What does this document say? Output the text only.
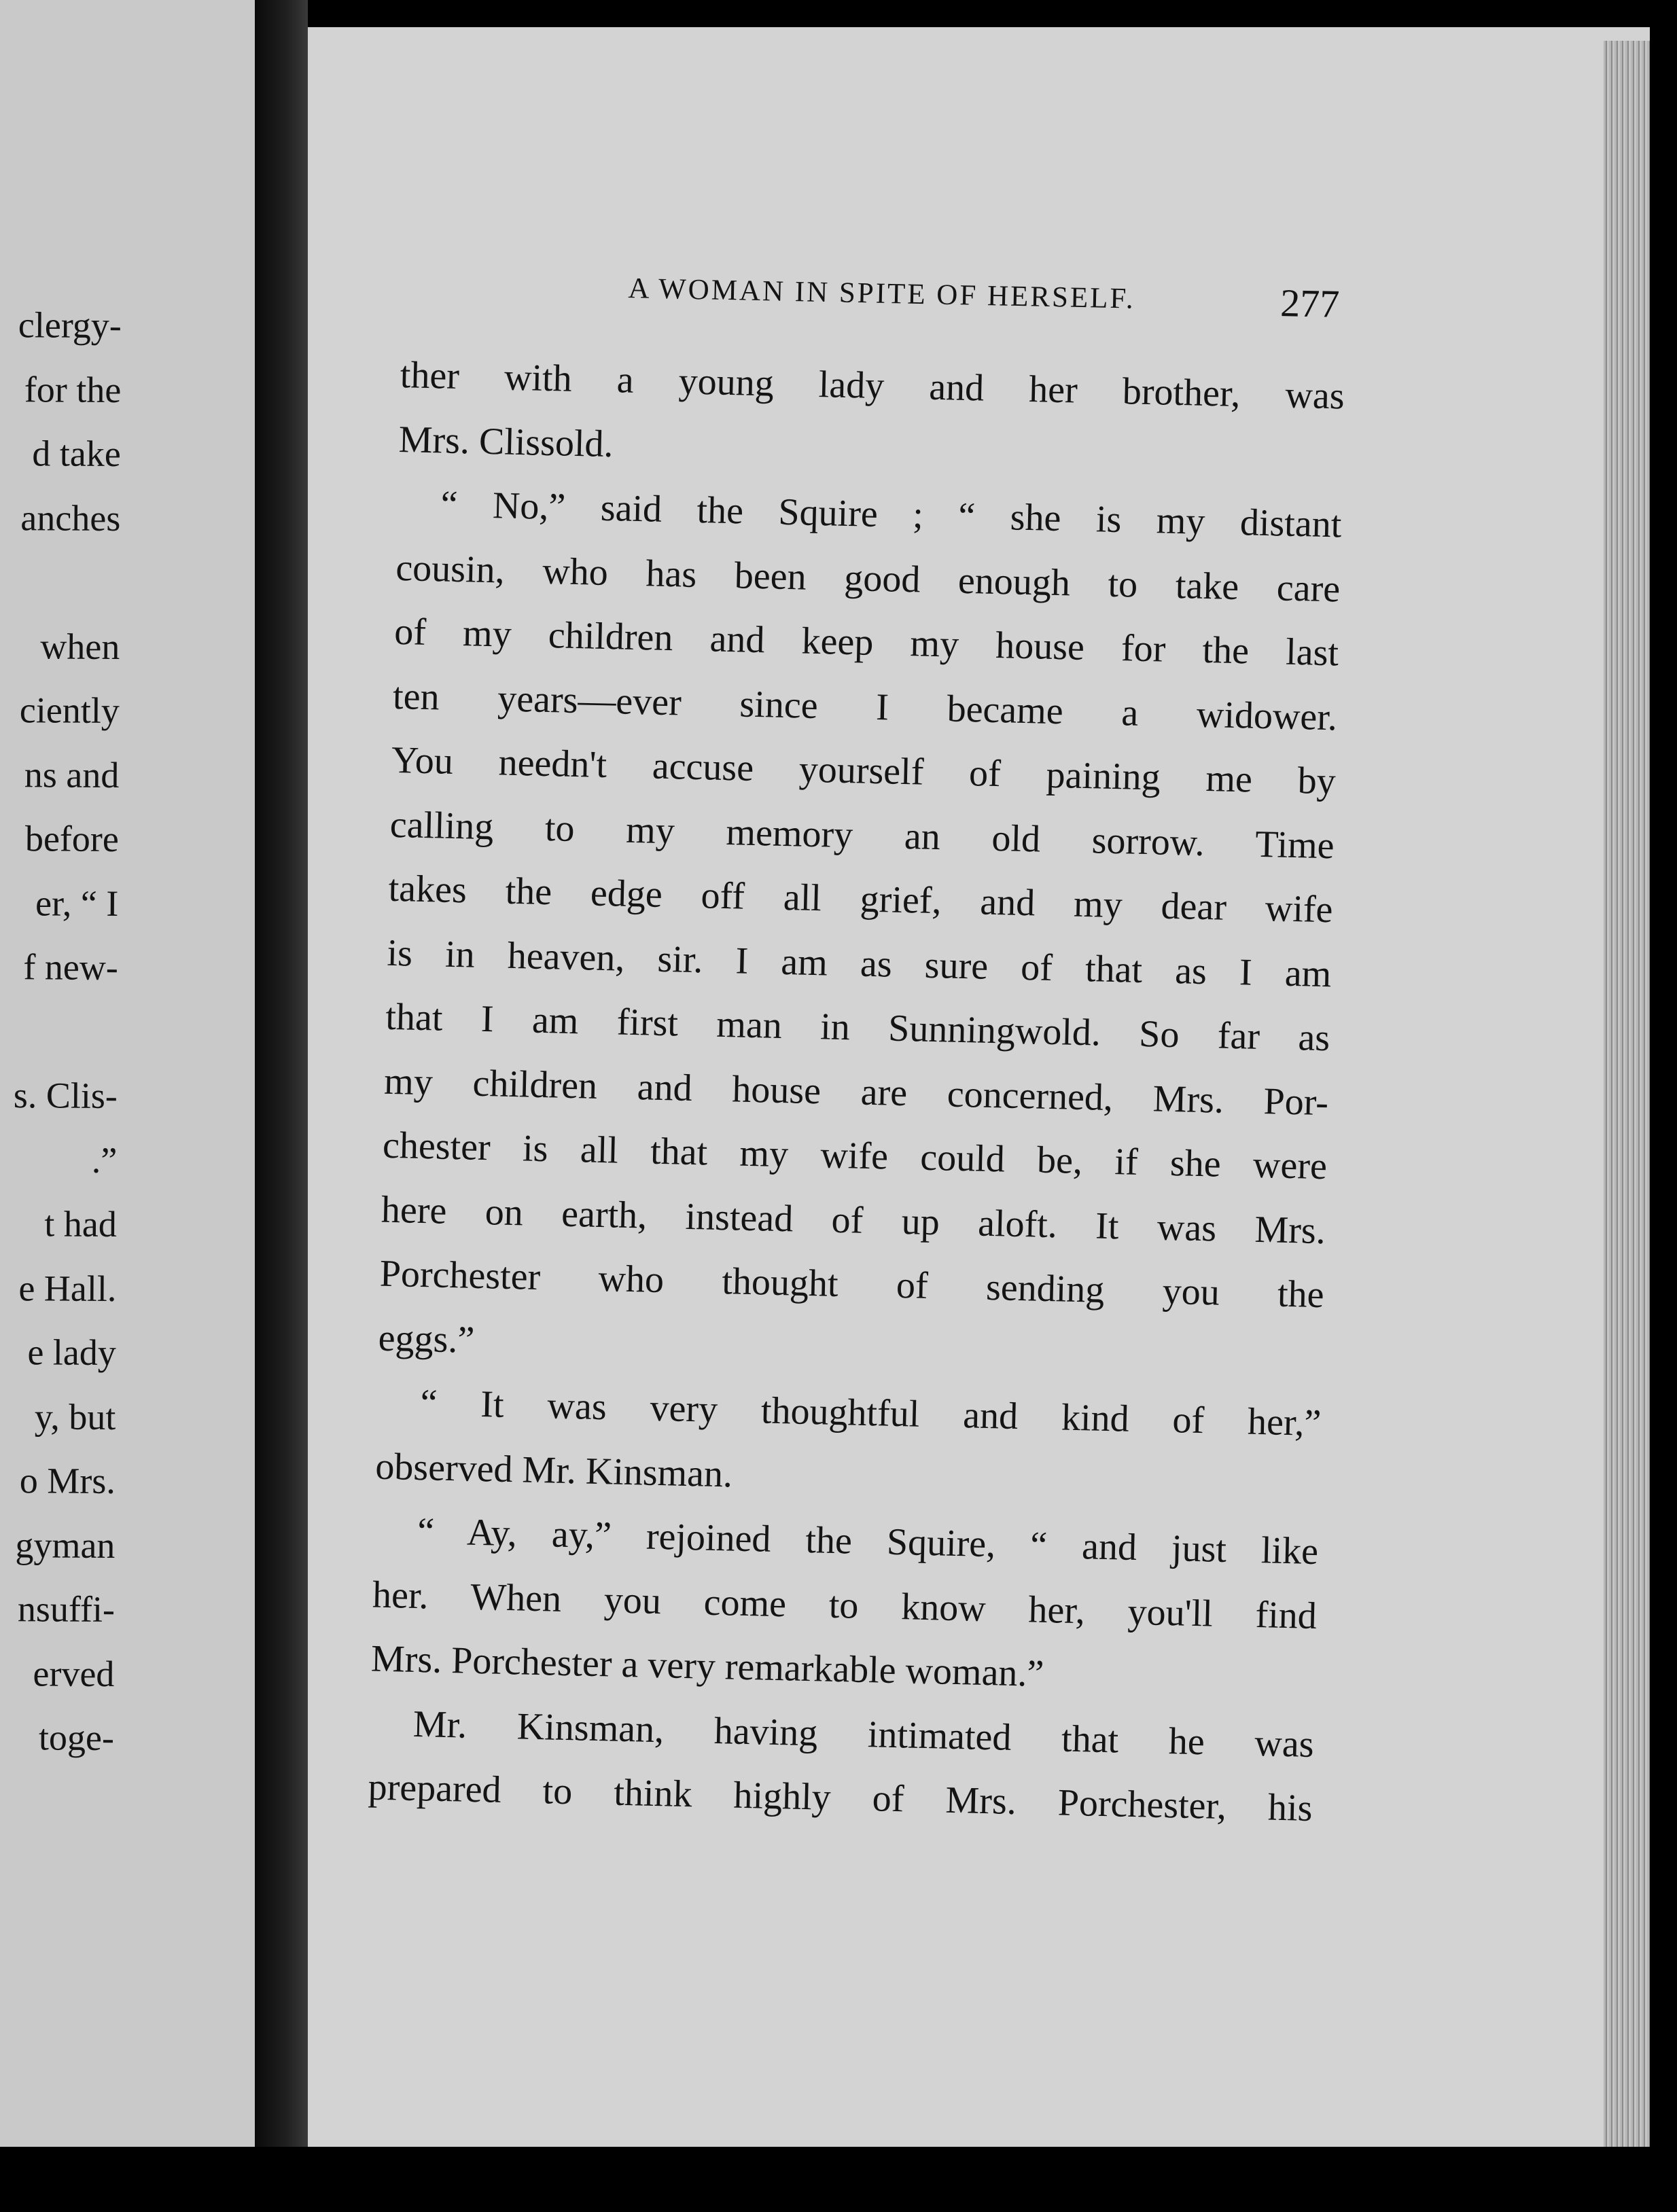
clergy-
for the
d take
anches
when
ciently
ns and
before
er, “ I
f new-
s. Clis-
.”
t had
e Hall.
e lady
y, but
o Mrs.
gyman
nsuffi-
erved
toge-
A WOMAN IN SPITE OF HERSELF.	277
ther with a young lady and her brother, was
Mrs. Clissold.
“ No,” said the Squire ; “ she is my distant
cousin, who has been good enough to take care
of my children and keep my house for the last
ten years—ever since I became a widower.
You needn't accuse yourself of paining me by
calling to my memory an old sorrow. Time
takes the edge off all grief, and my dear wife
is in heaven, sir. I am as sure of that as I am
that I am first man in Sunningwold. So far as
my children and house are concerned, Mrs. Por-
chester is all that my wife could be, if she were
here on earth, instead of up aloft. It was Mrs.
Porchester who thought of sending you the
eggs.”
“ It was very thoughtful and kind of her,”
observed Mr. Kinsman.
“ Ay, ay,” rejoined the Squire, “ and just like
her. When you come to know her, you'll find
Mrs. Porchester a very remarkable woman.”
Mr. Kinsman, having intimated that he was
prepared to think highly of Mrs. Porchester, his
